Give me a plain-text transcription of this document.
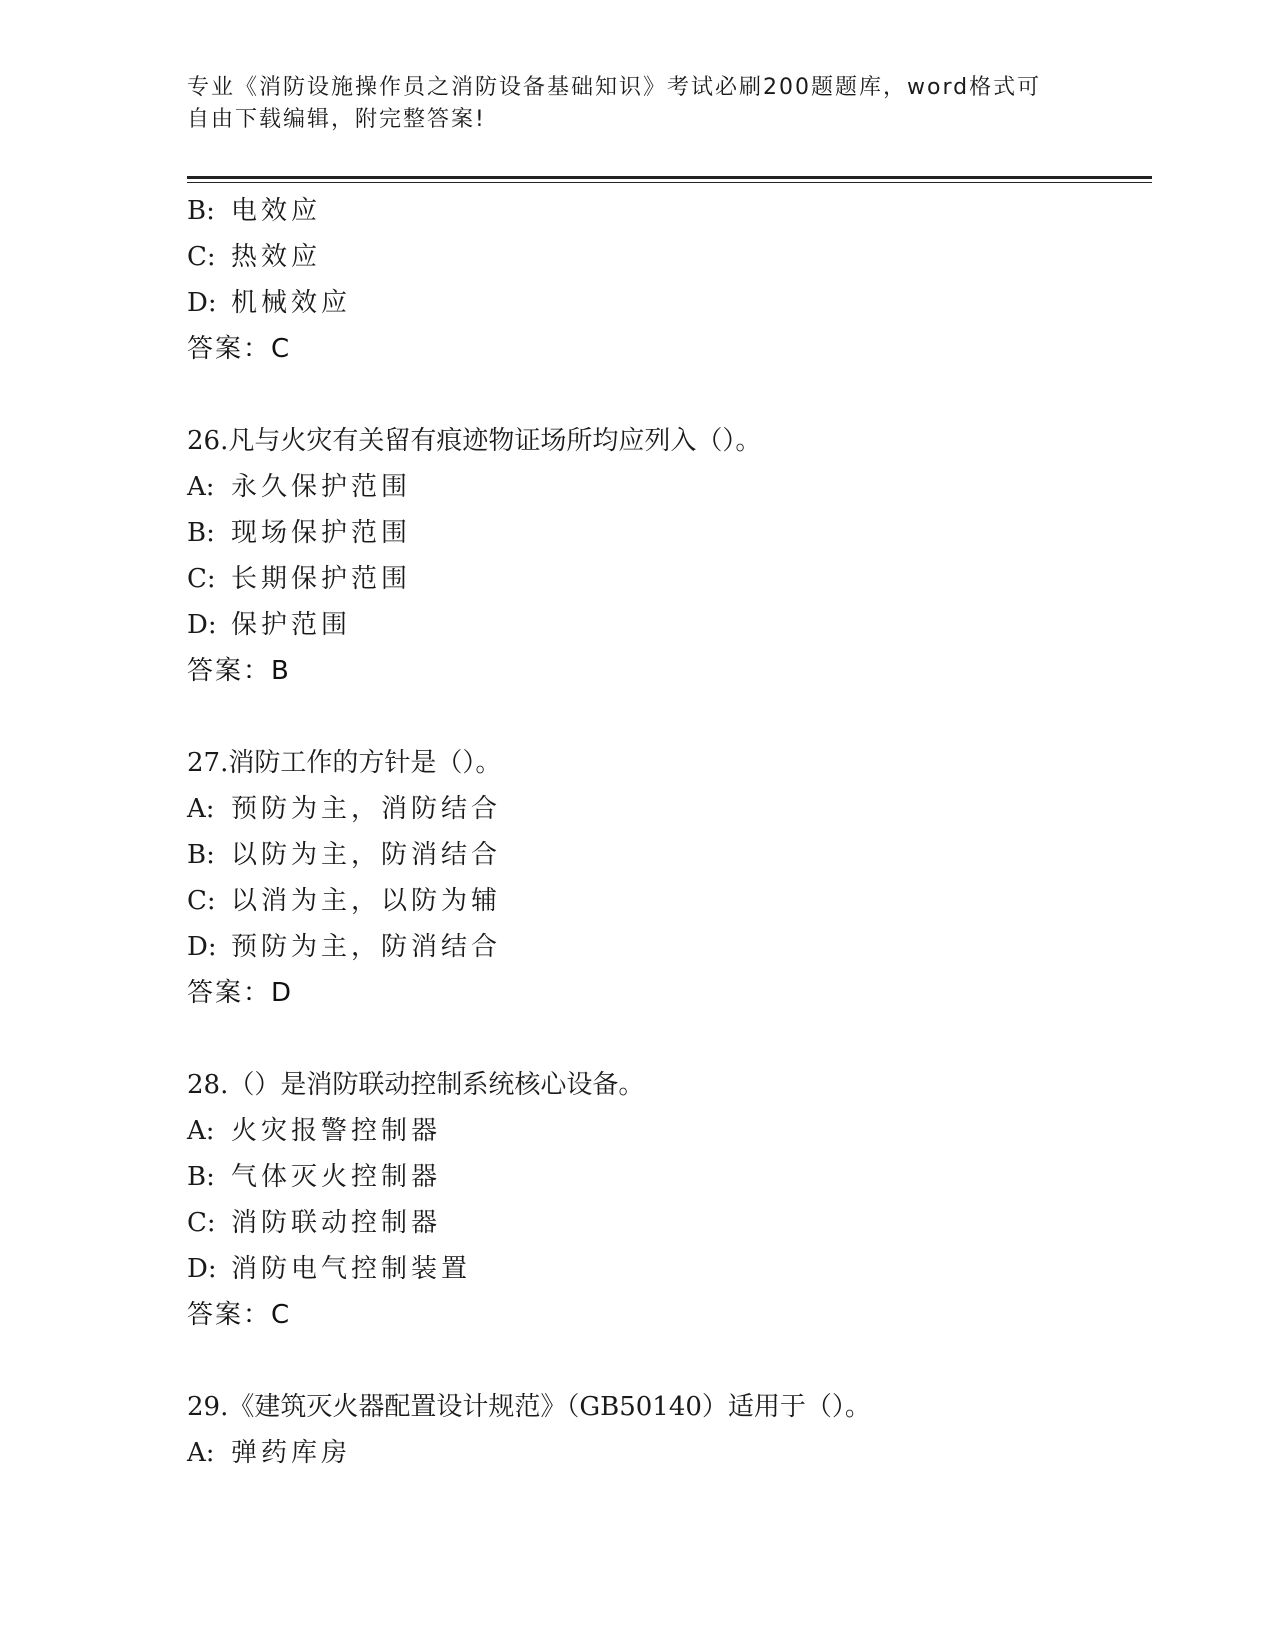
专业《消防设施操作员之消防设备基础知识》考试必刷200题题库，word格式可
自由下载编辑，附完整答案!
B: 电效应
C: 热效应
D: 机械效应
答案：C
26.凡与火灾有关留有痕迹物证场所均应列入（）。
A: 永久保护范围
B: 现场保护范围
C: 长期保护范围
D: 保护范围
答案：B
27.消防工作的方针是（）。
A: 预防为主，消防结合
B: 以防为主，防消结合
C: 以消为主，以防为辅
D: 预防为主，防消结合
答案：D
28.（）是消防联动控制系统核心设备。
A: 火灾报警控制器
B: 气体灭火控制器
C: 消防联动控制器
D: 消防电气控制装置
答案：C
29.《建筑灭火器配置设计规范》（GB50140）适用于（）。
A: 弹药库房
